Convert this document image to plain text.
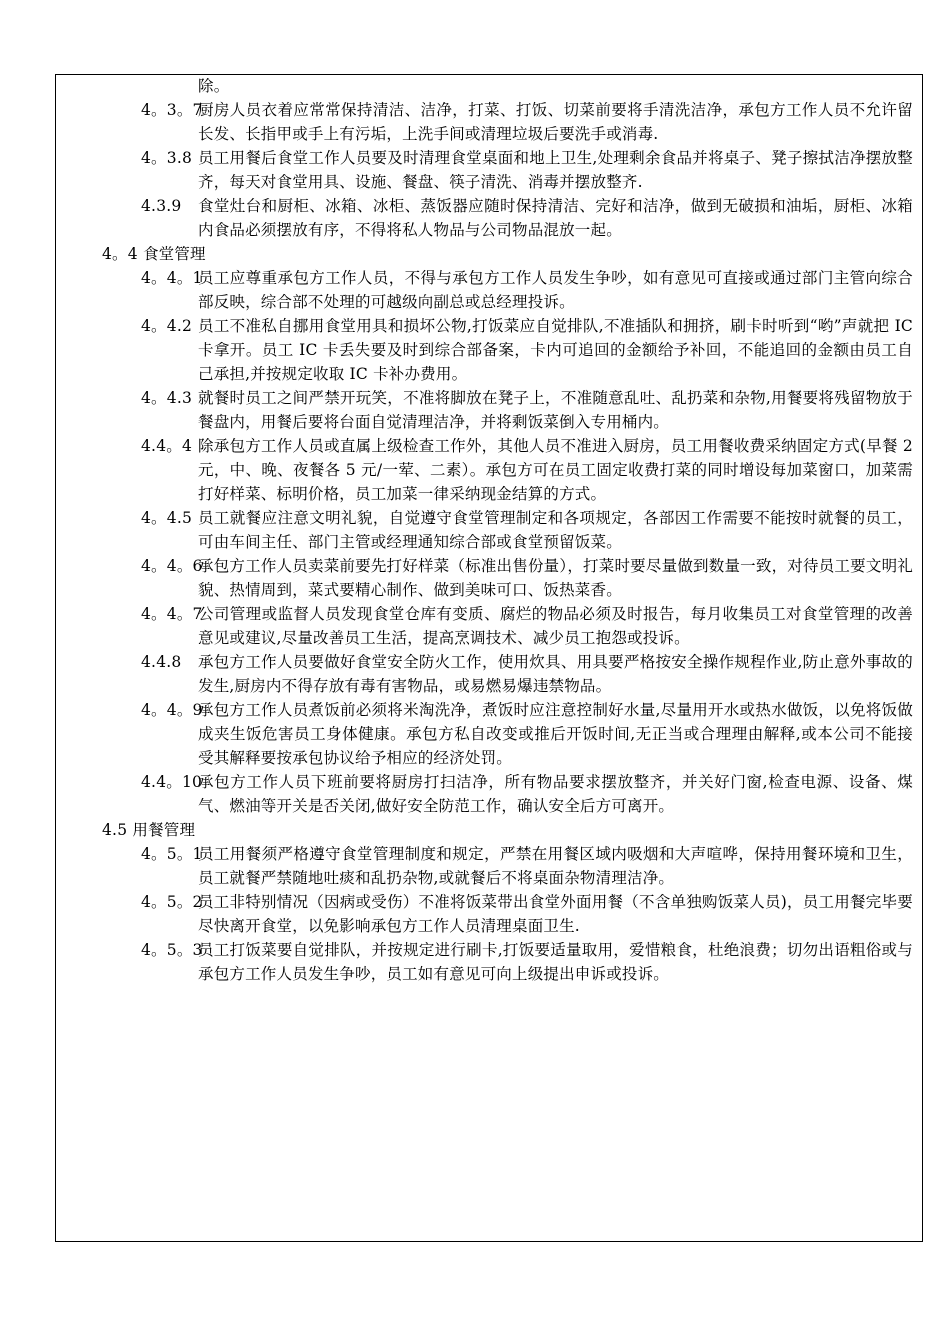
除。
4。3。7
厨房人员衣着应常常保持清洁、洁净，打菜、打饭、切菜前要将手清洗洁净，承包方工作人员不允许留长发、长指甲或手上有污垢，上洗手间或清理垃圾后要洗手或消毒.
4。3.8 员工用餐后食堂工作人员要及时清理食堂桌面和地上卫生,处理剩余食品并将桌子、凳子擦拭洁净摆放整齐，每天对食堂用具、设施、餐盘、筷子清洗、消毒并摆放整齐.
4.3.9 食堂灶台和厨柜、冰箱、冰柜、蒸饭器应随时保持清洁、完好和洁净，做到无破损和油垢，厨柜、冰箱内食品必须摆放有序，不得将私人物品与公司物品混放一起。
4。4 食堂管理
4。4。1
员工应尊重承包方工作人员，不得与承包方工作人员发生争吵，如有意见可直接或通过部门主管向综合部反映，综合部不处理的可越级向副总或总经理投诉。
4。4.2 员工不准私自挪用食堂用具和损坏公物,打饭菜应自觉排队,不准插队和拥挤，刷卡时听到“哟”声就把 IC 卡拿开。员工 IC 卡丢失要及时到综合部备案，卡内可追回的金额给予补回，不能追回的金额由员工自己承担,并按规定收取 IC 卡补办费用。
4。4.3 就餐时员工之间严禁开玩笑，不准将脚放在凳子上，不准随意乱吐、乱扔菜和杂物,用餐要将残留物放于餐盘内，用餐后要将台面自觉清理洁净，并将剩饭菜倒入专用桶内。
4.4。4 除承包方工作人员或直属上级检查工作外，其他人员不准进入厨房，员工用餐收费采纳固定方式(早餐 2 元，中、晚、夜餐各 5 元/一荤、二素）。承包方可在员工固定收费打菜的同时增设每加菜窗口，加菜需打好样菜、标明价格，员工加菜一律采纳现金结算的方式。
4。4.5 员工就餐应注意文明礼貌，自觉遵守食堂管理制定和各项规定，各部因工作需要不能按时就餐的员工，可由车间主任、部门主管或经理通知综合部或食堂预留饭菜。
4。4。6
承包方工作人员卖菜前要先打好样菜（标准出售份量），打菜时要尽量做到数量一致，对待员工要文明礼貌、热情周到，菜式要精心制作、做到美味可口、饭热菜香。
4。4。7
公司管理或监督人员发现食堂仓库有变质、腐烂的物品必须及时报告，每月收集员工对食堂管理的改善意见或建议,尽量改善员工生活，提高烹调技术、减少员工抱怨或投诉。
4.4.8 承包方工作人员要做好食堂安全防火工作，使用炊具、用具要严格按安全操作规程作业,防止意外事故的发生,厨房内不得存放有毒有害物品，或易燃易爆违禁物品。
4。4。9
承包方工作人员煮饭前必须将米淘洗净，煮饭时应注意控制好水量,尽量用开水或热水做饭，以免将饭做成夹生饭危害员工身体健康。承包方私自改变或推后开饭时间,无正当或合理理由解释,或本公司不能接受其解释要按承包协议给予相应的经济处罚。
4.4。10
承包方工作人员下班前要将厨房打扫洁净，所有物品要求摆放整齐，并关好门窗,检查电源、设备、煤气、燃油等开关是否关闭,做好安全防范工作，确认安全后方可离开。
4.5 用餐管理
4。5。1
员工用餐须严格遵守食堂管理制度和规定，严禁在用餐区域内吸烟和大声喧哗，保持用餐环境和卫生，员工就餐严禁随地吐痰和乱扔杂物,或就餐后不将桌面杂物清理洁净。
4。5。2
员工非特别情况（因病或受伤）不准将饭菜带出食堂外面用餐（不含单独购饭菜人员)，员工用餐完毕要尽快离开食堂，以免影响承包方工作人员清理桌面卫生.
4。5。3
员工打饭菜要自觉排队，并按规定进行刷卡,打饭要适量取用，爱惜粮食，杜绝浪费；切勿出语粗俗或与承包方工作人员发生争吵，员工如有意见可向上级提出申诉或投诉。
